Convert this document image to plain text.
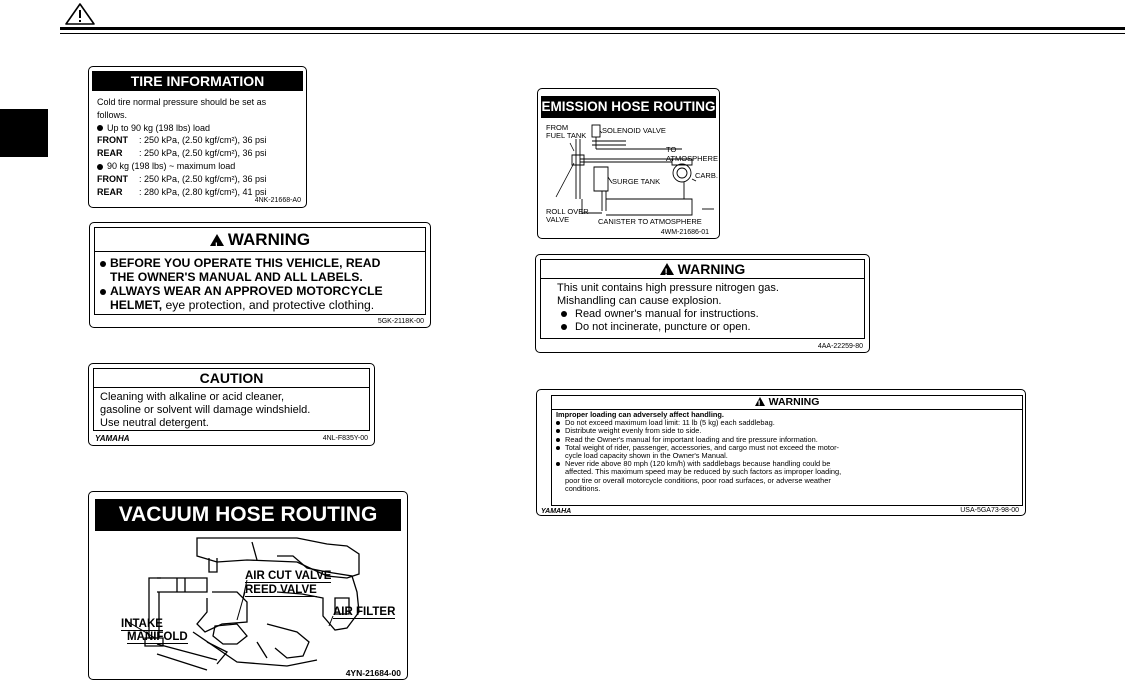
TIRE INFORMATION
Cold tire normal pressure should be set as
follows.
Up to 90 kg (198 lbs) load
FRONT : 250 kPa, (2.50 kgf/cm²), 36 psi
REAR : 250 kPa, (2.50 kgf/cm²), 36 psi
90 kg (198 lbs) ~ maximum load
FRONT : 250 kPa, (2.50 kgf/cm²), 36 psi
REAR : 280 kPa, (2.80 kgf/cm²), 41 psi
4NK-21668-A0
!WARNING
BEFORE YOU OPERATE THIS VEHICLE, READ
THE OWNER'S MANUAL AND ALL LABELS.
ALWAYS WEAR AN APPROVED MOTORCYCLE
HELMET, eye protection, and protective clothing.
5GK-2118K-00
CAUTION
Cleaning with alkaline or acid cleaner,
gasoline or solvent will damage windshield.
Use neutral detergent.
YAMAHA	4NL-F835Y-00
VACUUM HOSE ROUTING
AIR CUT VALVE
REED VALVE
AIR FILTER
INTAKE
MANIFOLD
4YN-21684-00
EMISSION HOSE ROUTING
FROM
FUEL TANK
SOLENOID VALVE
TO ATMOSPHERE
CARB.
SURGE TANK
ROLL OVER
VALVE	CANISTER TO ATMOSPHERE
4WM-21686-01
!WARNING
This unit contains high pressure nitrogen gas.
Mishandling can cause explosion.
Read owner's manual for instructions.
Do not incinerate, puncture or open.
4AA-22259-80
!WARNING
Improper loading can adversely affect handling.
Do not exceed maximum load limit: 11 lb (5 kg) each saddlebag.
Distribute weight evenly from side to side.
Read the Owner's manual for important loading and tire pressure information.
Total weight of rider, passenger, accessories, and cargo must not exceed the motor-
cycle load capacity shown in the Owner's Manual.
Never ride above 80 mph (120 km/h) with saddlebags because handling could be
affected. This maximum speed may be reduced by such factors as improper loading,
poor tire or overall motorcycle conditions, poor road surfaces, or adverse weather
conditions.
YAMAHA	USA-5GA73-98-00
